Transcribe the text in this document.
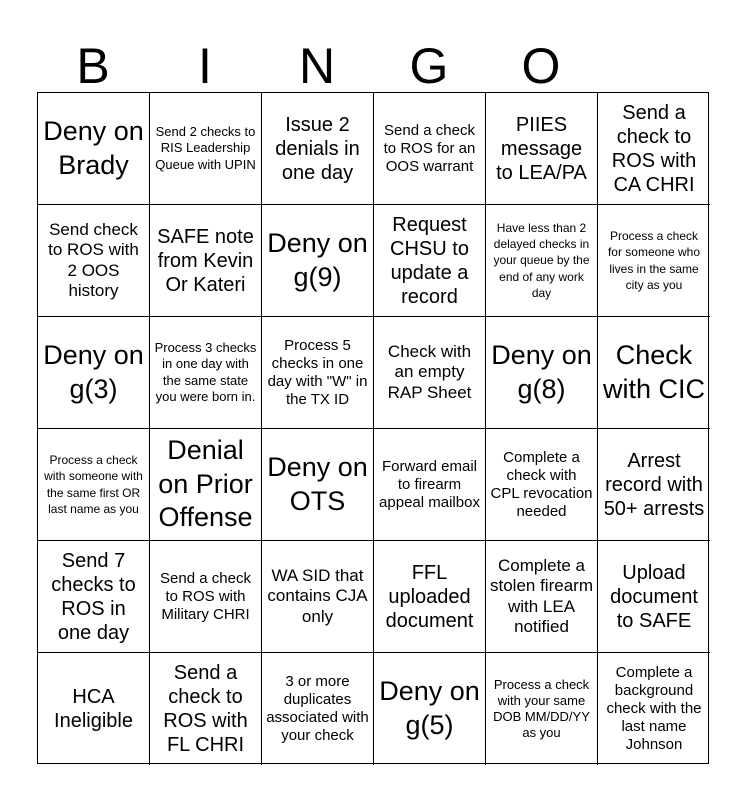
B	I	N	G	O
Deny on Brady
Send 2 checks to RIS Leadership Queue with UPIN
Issue 2 denials in one day
Send a check to ROS for an OOS warrant
PIIES message to LEA/PA
Send a check to ROS with CA CHRI
Send check to ROS with 2 OOS history
SAFE note from Kevin Or Kateri
Deny on g(9)
Request CHSU to update a record
Have less than 2 delayed checks in your queue by the end of any work day
Process a check for someone who lives in the same city as you
Deny on g(3)
Process 3 checks in one day with the same state you were born in.
Process 5 checks in one day with "W" in the TX ID
Check with an empty RAP Sheet
Deny on g(8)
Check with CIC
Process a check with someone with the same first OR last name as you
Denial on Prior Offense
Deny on OTS
Forward email to firearm appeal mailbox
Complete a check with CPL revocation needed
Arrest record with 50+ arrests
Send 7 checks to ROS in one day
Send a check to ROS with Military CHRI
WA SID that contains CJA only
FFL uploaded document
Complete a stolen firearm with LEA notified
Upload document to SAFE
HCA Ineligible
Send a check to ROS with FL CHRI
3 or more duplicates associated with your check
Deny on g(5)
Process a check with your same DOB MM/DD/YY as you
Complete a background check with the last name Johnson
